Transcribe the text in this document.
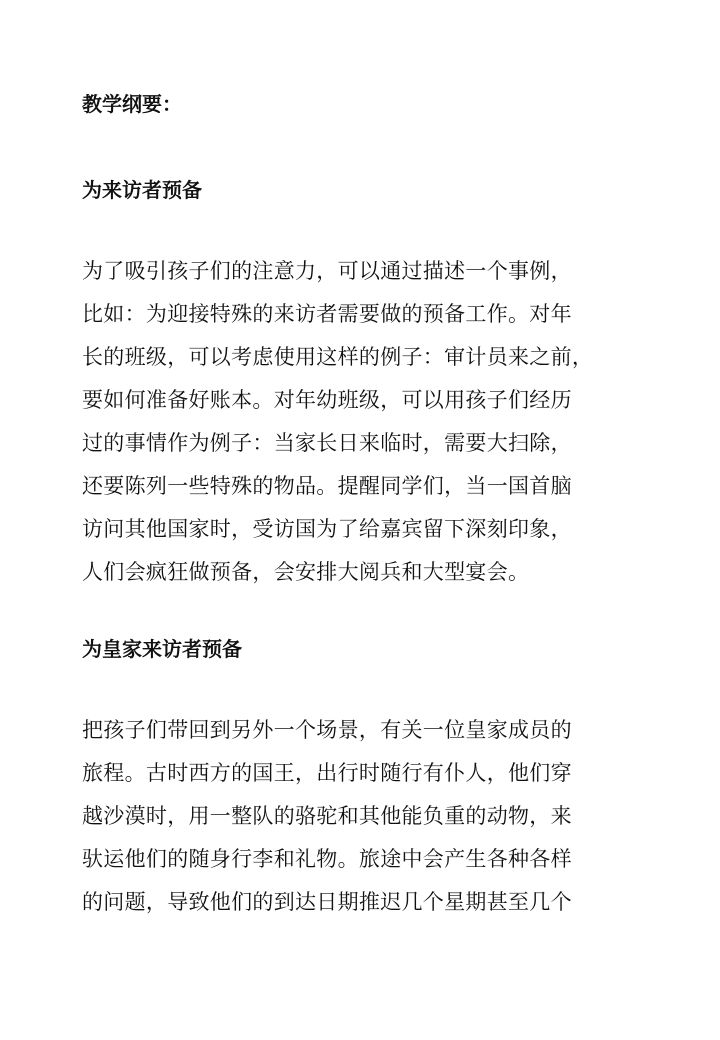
教学纲要：
为来访者预备
为了吸引孩子们的注意力，可以通过描述一个事例，
比如：为迎接特殊的来访者需要做的预备工作。对年
长的班级，可以考虑使用这样的例子：审计员来之前，
要如何准备好账本。对年幼班级，可以用孩子们经历
过的事情作为例子：当家长日来临时，需要大扫除，
还要陈列一些特殊的物品。提醒同学们，当一国首脑
访问其他国家时，受访国为了给嘉宾留下深刻印象，
人们会疯狂做预备，会安排大阅兵和大型宴会。
为皇家来访者预备
把孩子们带回到另外一个场景，有关一位皇家成员的
旅程。古时西方的国王，出行时随行有仆人，他们穿
越沙漠时，用一整队的骆驼和其他能负重的动物，来
驮运他们的随身行李和礼物。旅途中会产生各种各样
的问题，导致他们的到达日期推迟几个星期甚至几个
